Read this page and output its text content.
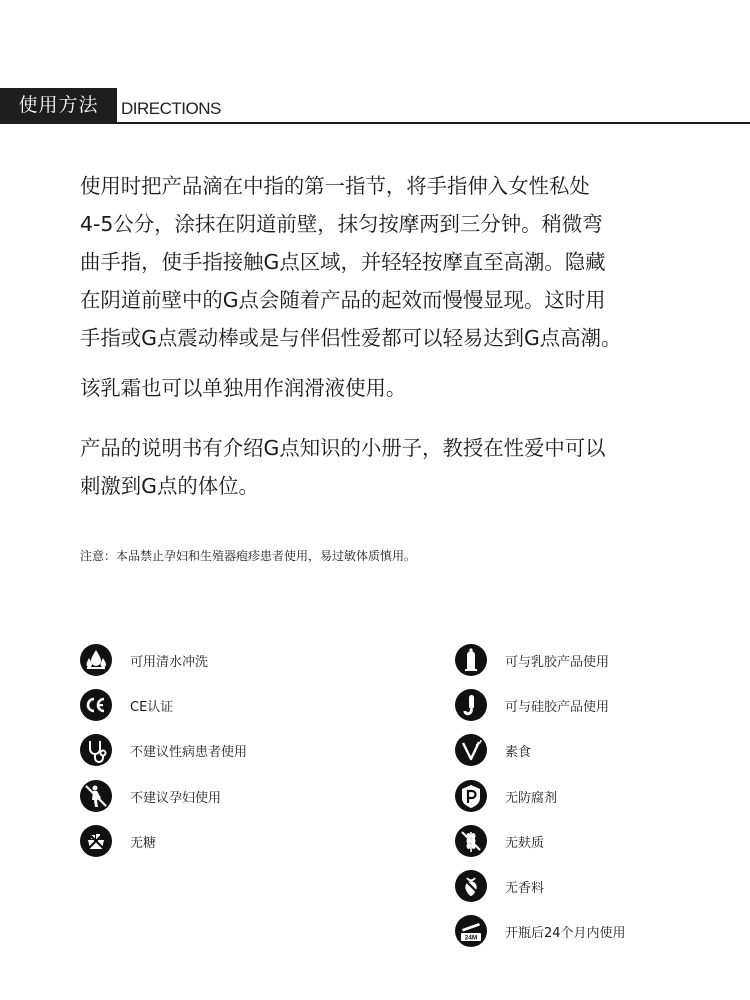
使用方法	DIRECTIONS
使用时把产品滴在中指的第一指节，将手指伸入女性私处
4-5公分，涂抹在阴道前壁，抹匀按摩两到三分钟。稍微弯
曲手指，使手指接触G点区域，并轻轻按摩直至高潮。隐藏
在阴道前壁中的G点会随着产品的起效而慢慢显现。这时用
手指或G点震动棒或是与伴侣性爱都可以轻易达到G点高潮。
该乳霜也可以单独用作润滑液使用。
产品的说明书有介绍G点知识的小册子，教授在性爱中可以
刺激到G点的体位。
注意：本品禁止孕妇和生殖器疱疹患者使用，易过敏体质慎用。
可用清水冲洗
CE认证
不建议性病患者使用
不建议孕妇使用
无糖
可与乳胶产品使用
可与硅胶产品使用
素食
无防腐剂
无麸质
无香料
24M 开瓶后24个月内使用
